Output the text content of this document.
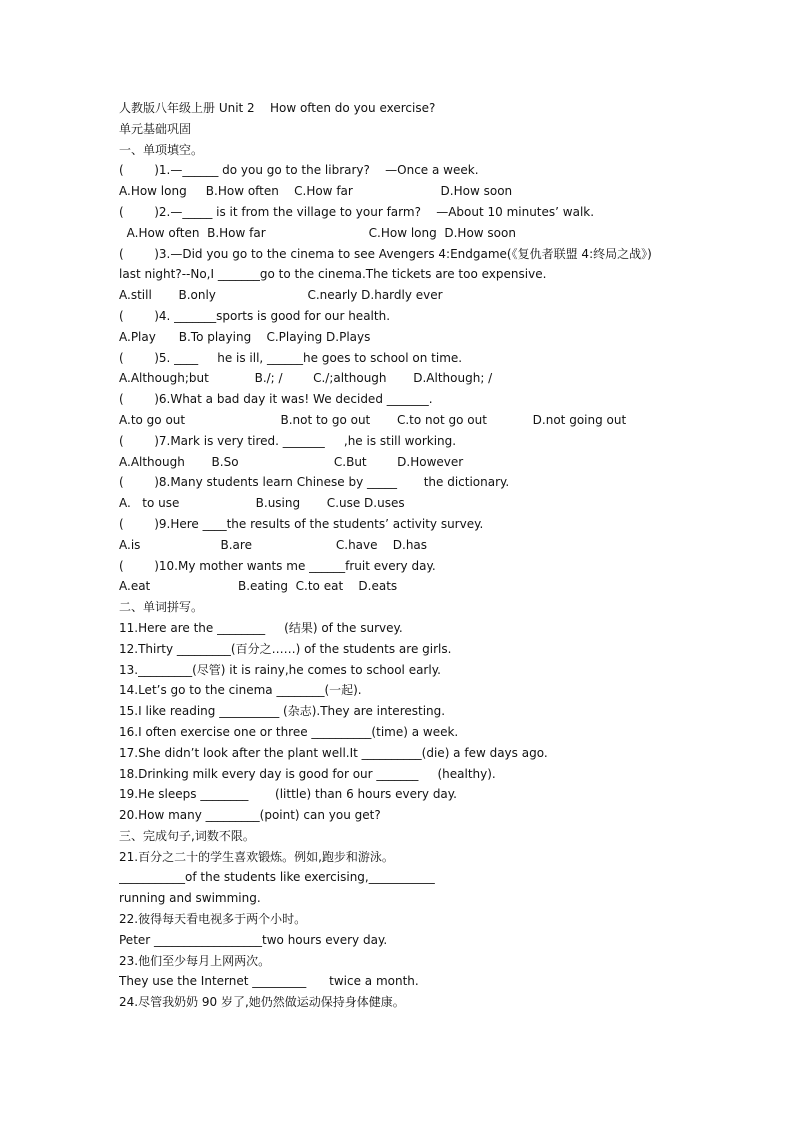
人教版八年级上册 Unit 2    How often do you exercise?
单元基础巩固
一、单项填空。
(        )1.—______ do you go to the library?    —Once a week.
A.How long     B.How often    C.How far                       D.How soon
(        )2.—_____ is it from the village to your farm?    —About 10 minutes’ walk.
A.How often  B.How far                           C.How long  D.How soon
(        )3.—Did you go to the cinema to see Avengers 4:Endgame(《复仇者联盟 4:终局之战》)
last night?--No,I _______go to the cinema.The tickets are too expensive.
A.still       B.only                        C.nearly D.hardly ever
(        )4. _______sports is good for our health.
A.Play      B.To playing    C.Playing D.Plays
(        )5. ____     he is ill, ______he goes to school on time.
A.Although;but            B./; /        C./;although       D.Although; /
(        )6.What a bad day it was! We decided _______.
A.to go out                         B.not to go out       C.to not go out            D.not going out
(        )7.Mark is very tired. _______     ,he is still working.
A.Although       B.So                         C.But        D.However
(        )8.Many students learn Chinese by _____       the dictionary.
A.   to use                    B.using       C.use D.uses
(        )9.Here ____the results of the students’ activity survey.
A.is                     B.are                      C.have    D.has
(        )10.My mother wants me ______fruit every day.
A.eat                       B.eating  C.to eat    D.eats
二、单词拼写。
11.Here are the ________     (结果) of the survey.
12.Thirty _________(百分之……) of the students are girls.
13._________(尽管) it is rainy,he comes to school early.
14.Let’s go to the cinema ________(一起).
15.I like reading __________ (杂志).They are interesting.
16.I often exercise one or three __________(time) a week.
17.She didn’t look after the plant well.It __________(die) a few days ago.
18.Drinking milk every day is good for our _______     (healthy).
19.He sleeps ________       (little) than 6 hours every day.
20.How many _________(point) can you get?
三、完成句子,词数不限。
21.百分之二十的学生喜欢锻炼。例如,跑步和游泳。
___________of the students like exercising,___________
running and swimming.
22.彼得每天看电视多于两个小时。
Peter __________________two hours every day.
23.他们至少每月上网两次。
They use the Internet _________      twice a month.
24.尽管我奶奶 90 岁了,她仍然做运动保持身体健康。
